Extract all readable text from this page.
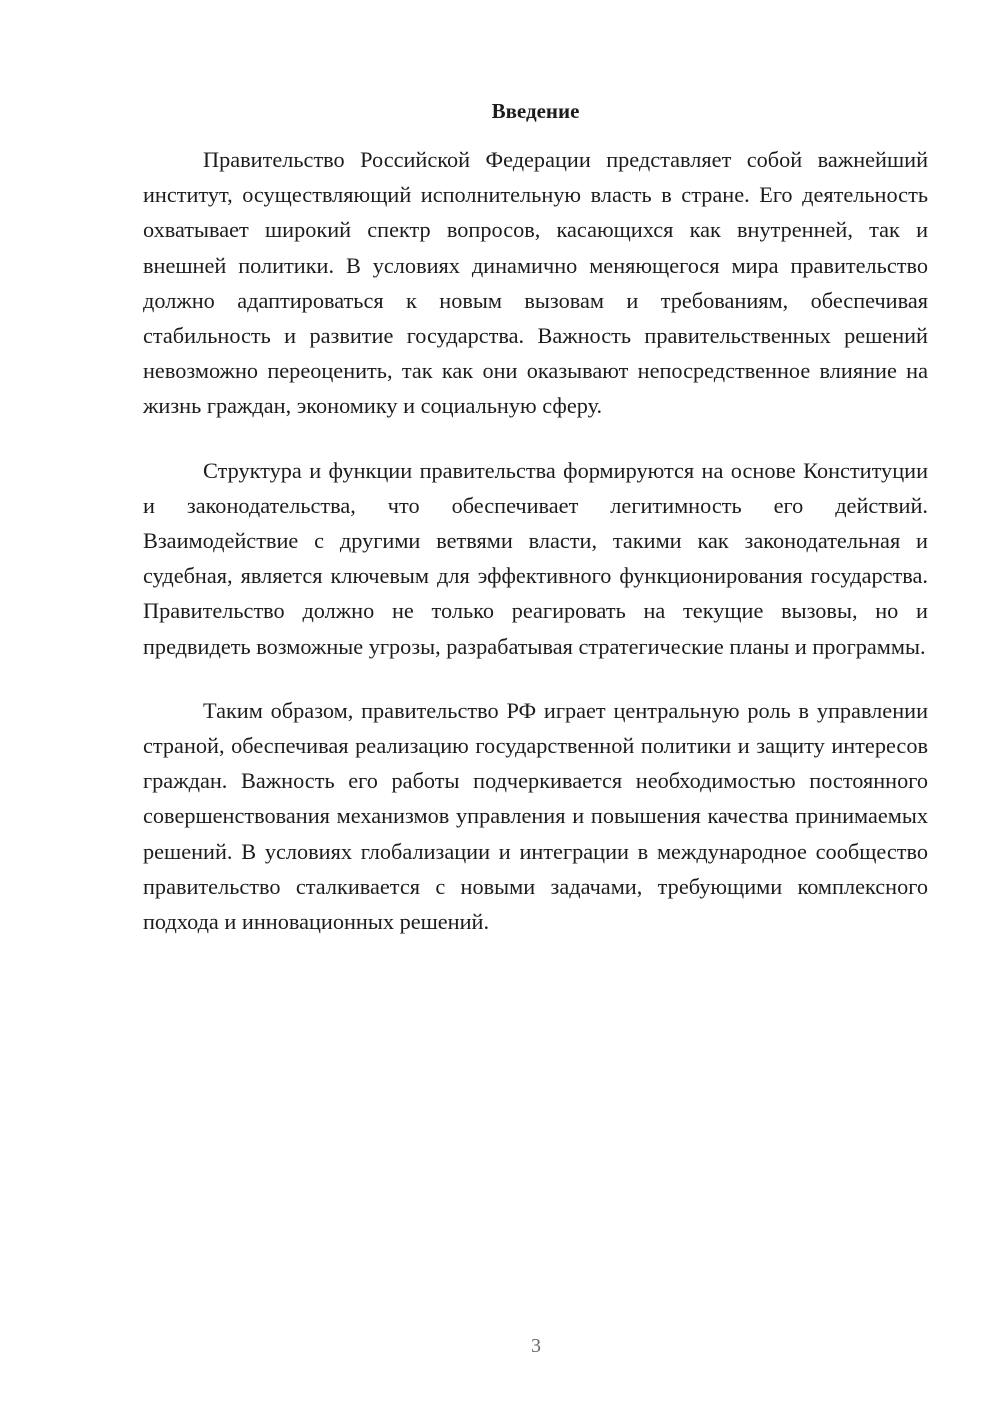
Введение

Правительство Российской Федерации представляет собой важнейший институт, осуществляющий исполнительную власть в стране. Его деятельность охватывает широкий спектр вопросов, касающихся как внутренней, так и внешней политики. В условиях динамично меняющегося мира правительство должно адаптироваться к новым вызовам и требованиям, обеспечивая стабильность и развитие государства. Важность правительственных решений невозможно переоценить, так как они оказывают непосредственное влияние на жизнь граждан, экономику и социальную сферу.

Структура и функции правительства формируются на основе Конституции и законодательства, что обеспечивает легитимность его действий. Взаимодействие с другими ветвями власти, такими как законодательная и судебная, является ключевым для эффективного функционирования государства. Правительство должно не только реагировать на текущие вызовы, но и предвидеть возможные угрозы, разрабатывая стратегические планы и программы.

Таким образом, правительство РФ играет центральную роль в управлении страной, обеспечивая реализацию государственной политики и защиту интересов граждан. Важность его работы подчеркивается необходимостью постоянного совершенствования механизмов управления и повышения качества принимаемых решений. В условиях глобализации и интеграции в международное сообщество правительство сталкивается с новыми задачами, требующими комплексного подхода и инновационных решений.

3
